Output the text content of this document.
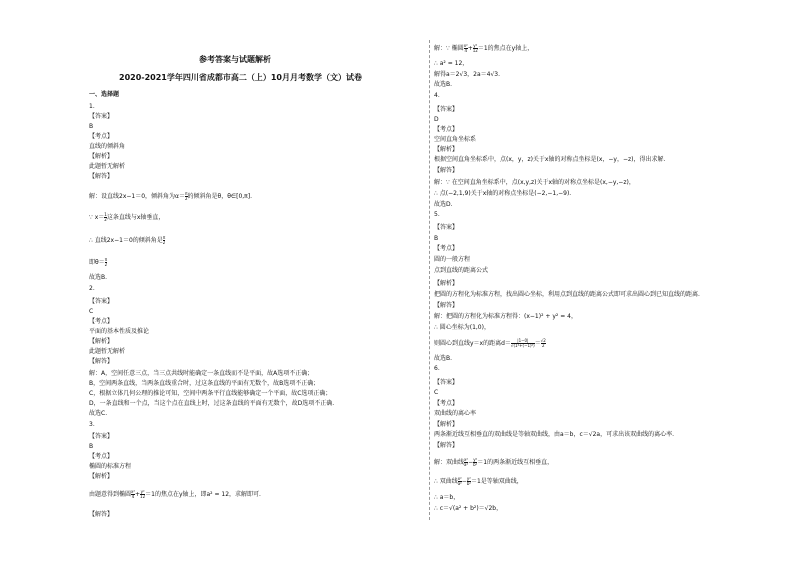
参考答案与试题解析
2020-2021学年四川省成都市高二（上）10月月考数学（文）试卷
一、选择题
1.
【答案】
B
【考点】
直线的倾斜角
【解析】
此题暂无解析
【解答】
解：设直线2x−1＝0，倾斜角为$\alpha= \frac{\pi}{2}$ 的倾斜角是θ，θ∈[0,π].
∵ $x= \frac{1}{2}$ 这条直线与x轴垂直，
∴ 直线2x−1＝0的倾斜角是 $\frac{\pi}{2}$
即$\theta= \frac{\pi}{2}$
故选B.
2.
【答案】
C
【考点】
平面的基本性质及推论
【解析】
此题暂无解析
【解答】
解：A，空间任意三点，当三点共线时能确定一条直线而不是平面，故A选项不正确；
B，空间两条直线，当两条直线重合时，过这条直线的平面有无数个，故B选项不正确；
C，根据立体几何公理的推论可知，空间中两条平行直线能够确定一个平面，故C选项正确；
D，一条直线和一个点，当这个点在直线上时，过这条直线的平面有无数个，故D选项不正确.
故选C.
3.
【答案】
B
【考点】
椭圆的标准方程
【解析】
由题意得到椭圆 $\frac{\text{x²}}{4} + \frac{\text{y²}}{12} =1$的焦点在y轴上，即a² = 12，求解即可.
【解答】
解：∵ 椭圆 $\frac{\text{x²}}{4} + \frac{\text{y²}}{12} =1$的焦点在y轴上，
∴ a² = 12，
解得a＝2√3，2a＝4√3.
故选B.
4.
【答案】
D
【考点】
空间直角坐标系
【解析】
根据空间直角坐标系中，点(x，y，z)关于x轴的对称点坐标是(x，−y，−z)，得出求解.
【解答】
解：∵ 在空间直角坐标系中，点(x,y,z)关于x轴的对称点坐标是(x,−y,−z)，
∴ 点(−2,1,9)关于x轴的对称点坐标是(−2,−1,−9).
故选D.
5.
【答案】
B
【考点】
圆的一般方程
点到直线的距离公式
【解析】
把圆的方程化为标准方程，找出圆心坐标，利用点到直线的距离公式即可求出圆心到已知直线的距离.
【解答】
解：把圆的方程化为标准方程得：(x−1)² + y² = 4，
∴ 圆心坐标为(1,0)，
则圆心到直线y＝x的距离$d= \frac{|1-0|}{\text{√(1²+(−1)²)}} = \frac{√2}{2}$
故选B.
6.
【答案】
C
【考点】
双曲线的离心率
【解析】
两条渐近线互相垂直的双曲线是等轴双曲线，由a＝b，c＝√2a，可求出该双曲线的离心率.
【解答】
解：双曲线 $\frac{\text{x²}}{\text{a²}} - \frac{\text{y²}}{\text{b²}} =1$的两条渐近线互相垂直，
∴ 双曲线 $\frac{\text{x²}}{\text{a²}} - \frac{\text{y²}}{\text{b²}} =1$是等轴双曲线，
∴ a＝b，
∴ c＝√(a² + b²)＝√2b，
